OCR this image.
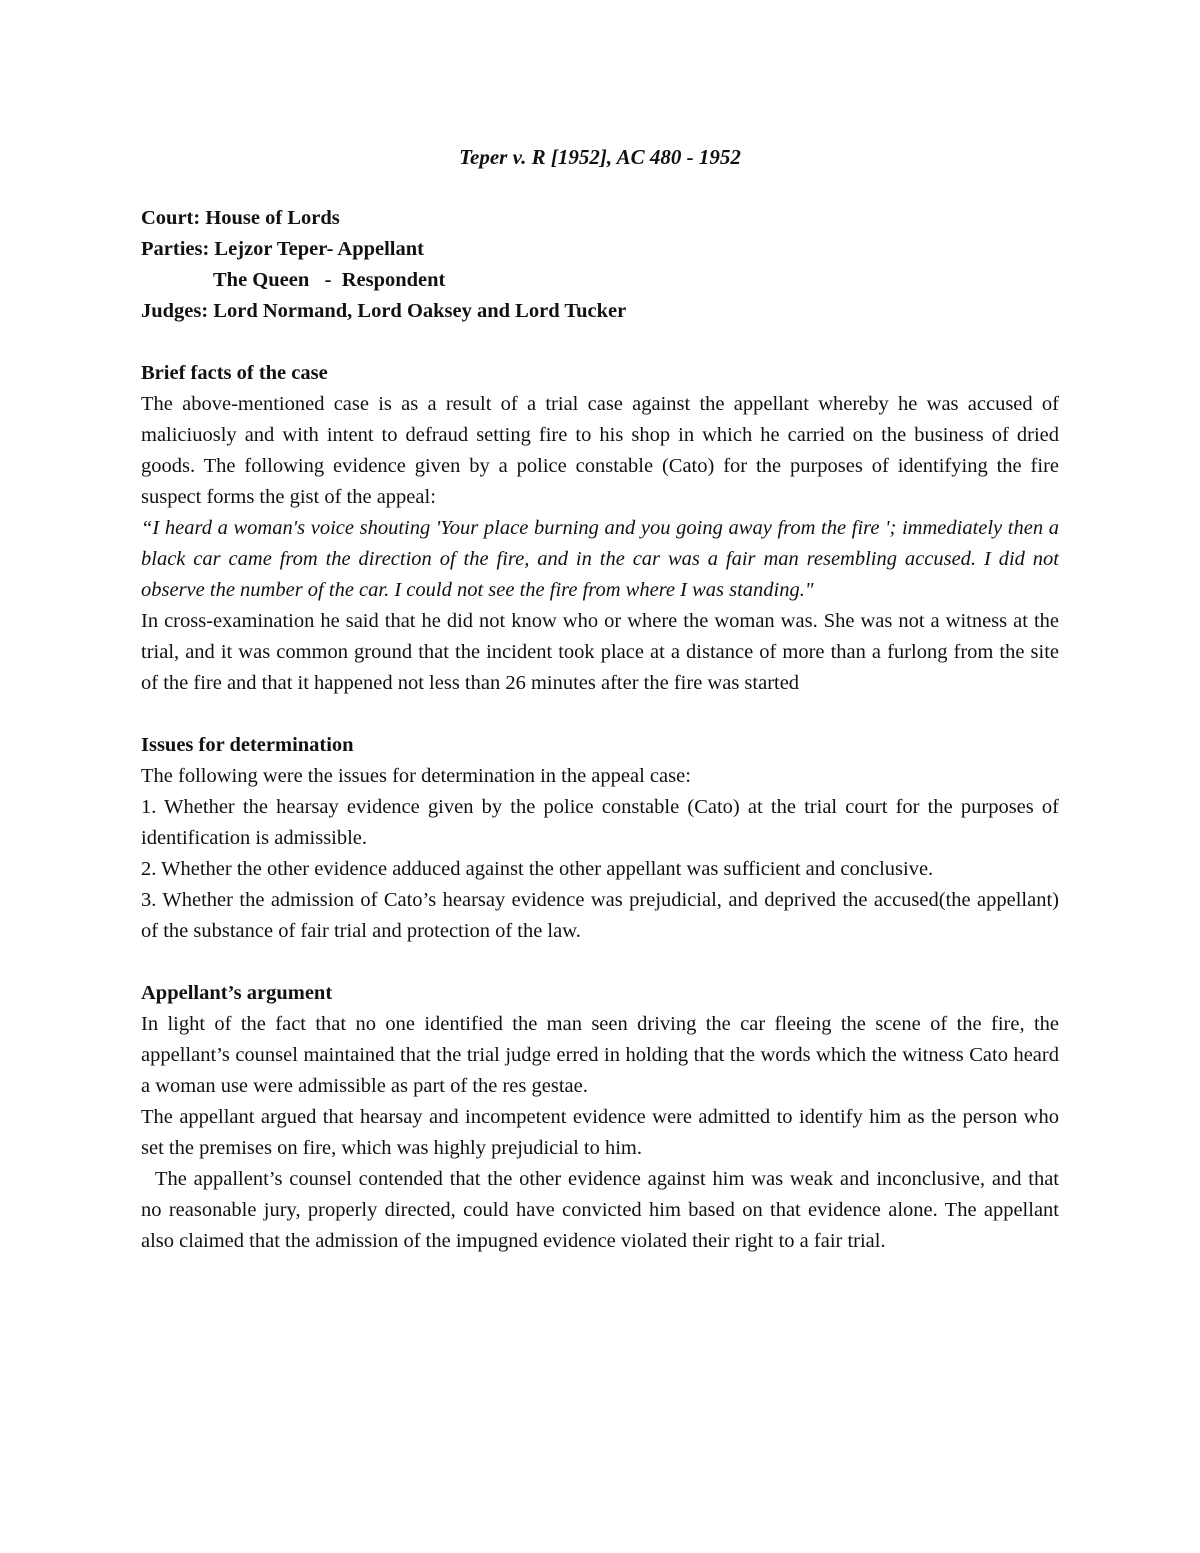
Teper v. R [1952], AC 480 - 1952

Court: House of Lords

Parties: Lejzor Teper- Appellant

The Queen   -  Respondent

Judges: Lord Normand, Lord Oaksey and Lord Tucker

Brief facts of the case

The above-mentioned case is as a result of a trial case against the appellant whereby he was accused of maliciuosly and with intent to defraud setting fire to his shop in which he carried on the business of dried goods. The following evidence given by a police constable (Cato) for the purposes of identifying the fire suspect forms the gist of the appeal:

“I heard a woman's voice shouting 'Your place burning and you going away from the fire '; immediately then a black car came from the direction of the fire, and in the car was a fair man resembling accused. I did not observe the number of the car. I could not see the fire from where I was standing."

In cross-examination he said that he did not know who or where the woman was. She was not a witness at the trial, and it was common ground that the incident took place at a distance of more than a furlong from the site of the fire and that it happened not less than 26 minutes after the fire was started

Issues for determination

The following were the issues for determination in the appeal case:

1. Whether the hearsay evidence given by the police constable (Cato) at the trial court for the purposes of identification is admissible.

2. Whether the other evidence adduced against the other appellant was sufficient and conclusive.

3. Whether the admission of Cato’s hearsay evidence was prejudicial, and deprived the accused(the appellant) of the substance of fair trial and protection of the law.

Appellant’s argument

In light of the fact that no one identified the man seen driving the car fleeing the scene of the fire, the appellant’s counsel maintained that the trial judge erred in holding that the words which the witness Cato heard a woman use were admissible as part of the res gestae.

The appellant argued that hearsay and incompetent evidence were admitted to identify him as the person who set the premises on fire, which was highly prejudicial to him.

The appallent’s counsel contended that the other evidence against him was weak and inconclusive, and that no reasonable jury, properly directed, could have convicted him based on that evidence alone. The appellant also claimed that the admission of the impugned evidence violated their right to a fair trial.
